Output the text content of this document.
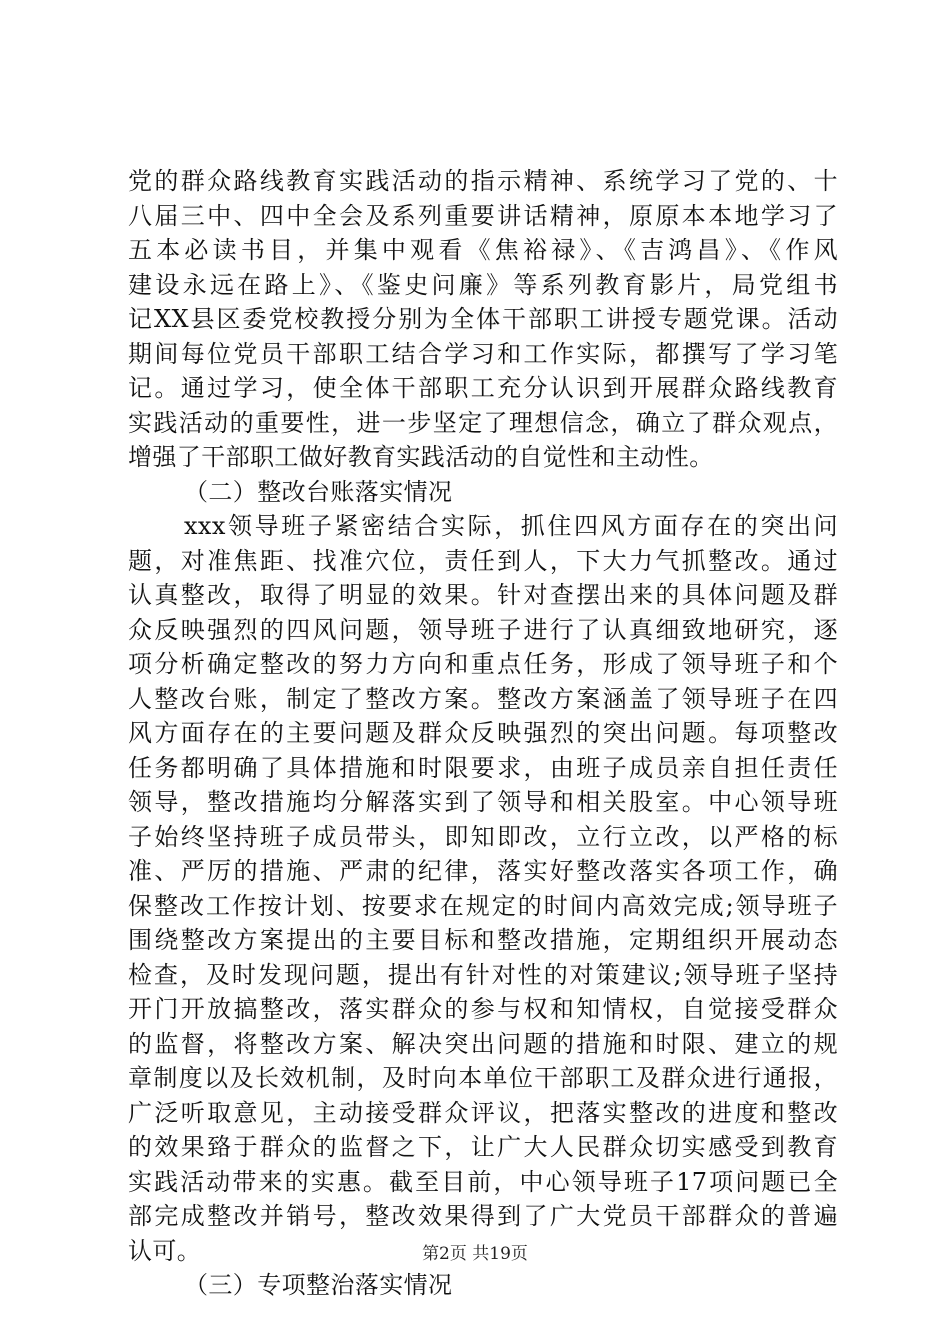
党的群众路线教育实践活动的指示精神、系统学习了党的、十
八届三中、四中全会及系列重要讲话精神，原原本本地学习了
五本必读书目，并集中观看《焦裕禄》、《吉鸿昌》、《作风
建设永远在路上》、《鉴史问廉》等系列教育影片，局党组书
记XX县区委党校教授分别为全体干部职工讲授专题党课。活动
期间每位党员干部职工结合学习和工作实际，都撰写了学习笔
记。通过学习，使全体干部职工充分认识到开展群众路线教育
实践活动的重要性，进一步坚定了理想信念，确立了群众观点，
增强了干部职工做好教育实践活动的自觉性和主动性。
（二）整改台账落实情况
xxx领导班子紧密结合实际，抓住四风方面存在的突出问
题，对准焦距、找准穴位，责任到人，下大力气抓整改。通过
认真整改，取得了明显的效果。针对查摆出来的具体问题及群
众反映强烈的四风问题，领导班子进行了认真细致地研究，逐
项分析确定整改的努力方向和重点任务，形成了领导班子和个
人整改台账，制定了整改方案。整改方案涵盖了领导班子在四
风方面存在的主要问题及群众反映强烈的突出问题。每项整改
任务都明确了具体措施和时限要求，由班子成员亲自担任责任
领导，整改措施均分解落实到了领导和相关股室。中心领导班
子始终坚持班子成员带头，即知即改，立行立改，以严格的标
准、严厉的措施、严肃的纪律，落实好整改落实各项工作，确
保整改工作按计划、按要求在规定的时间内高效完成;领导班子
围绕整改方案提出的主要目标和整改措施，定期组织开展动态
检查，及时发现问题，提出有针对性的对策建议;领导班子坚持
开门开放搞整改，落实群众的参与权和知情权，自觉接受群众
的监督，将整改方案、解决突出问题的措施和时限、建立的规
章制度以及长效机制，及时向本单位干部职工及群众进行通报，
广泛听取意见，主动接受群众评议，把落实整改的进度和整改
的效果臵于群众的监督之下，让广大人民群众切实感受到教育
实践活动带来的实惠。截至目前，中心领导班子17项问题已全
部完成整改并销号，整改效果得到了广大党员干部群众的普遍
认可。
（三）专项整治落实情况
第2页 共19页
